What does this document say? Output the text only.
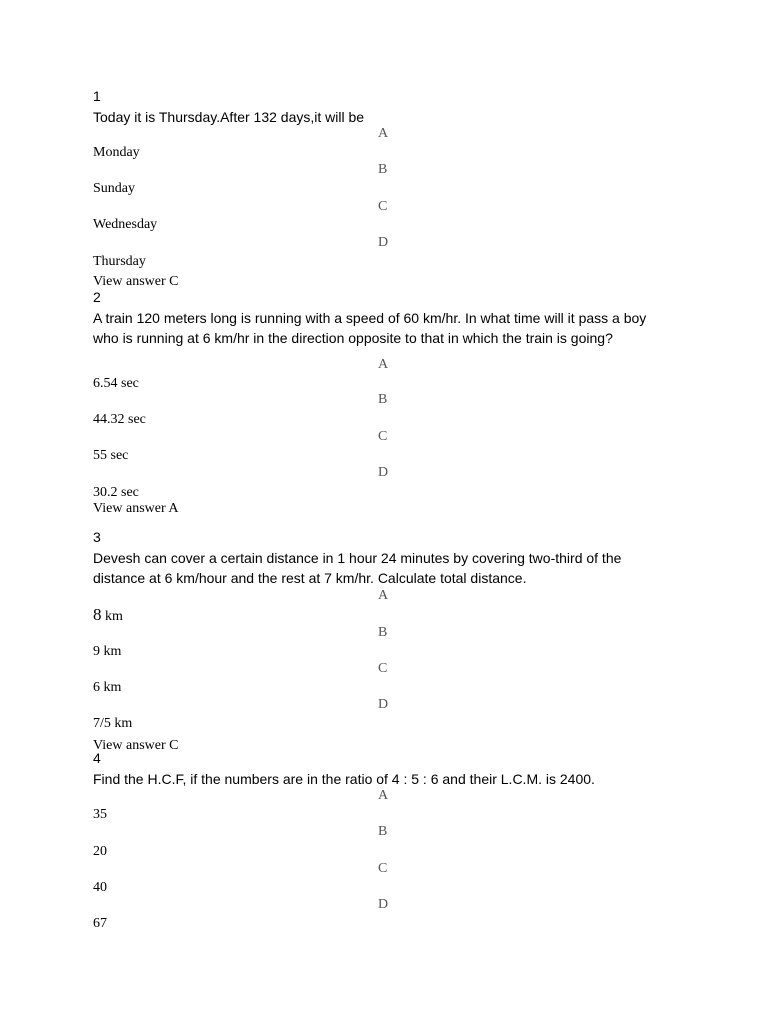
1

Today it is Thursday.After 132 days,it will be

A
Monday
B
Sunday
C
Wednesday
D
Thursday
View answer C
2

A train 120 meters long is running with a speed of 60 km/hr. In what time will it pass a boy who is running at 6 km/hr in the direction opposite to that in which the train is going?

A
6.54 sec
B
44.32 sec
C
55 sec
D
30.2 sec
View answer A
3

Devesh can cover a certain distance in 1 hour 24 minutes by covering two-third of the distance at 6 km/hour and the rest at 7 km/hr. Calculate total distance.

A
8 km
B
9 km
C
6 km
D
7/5 km
View answer C
4

Find the H.C.F, if the numbers are in the ratio of 4 : 5 : 6 and their L.C.M. is 2400.

A
35
B
20
C
40
D
67
